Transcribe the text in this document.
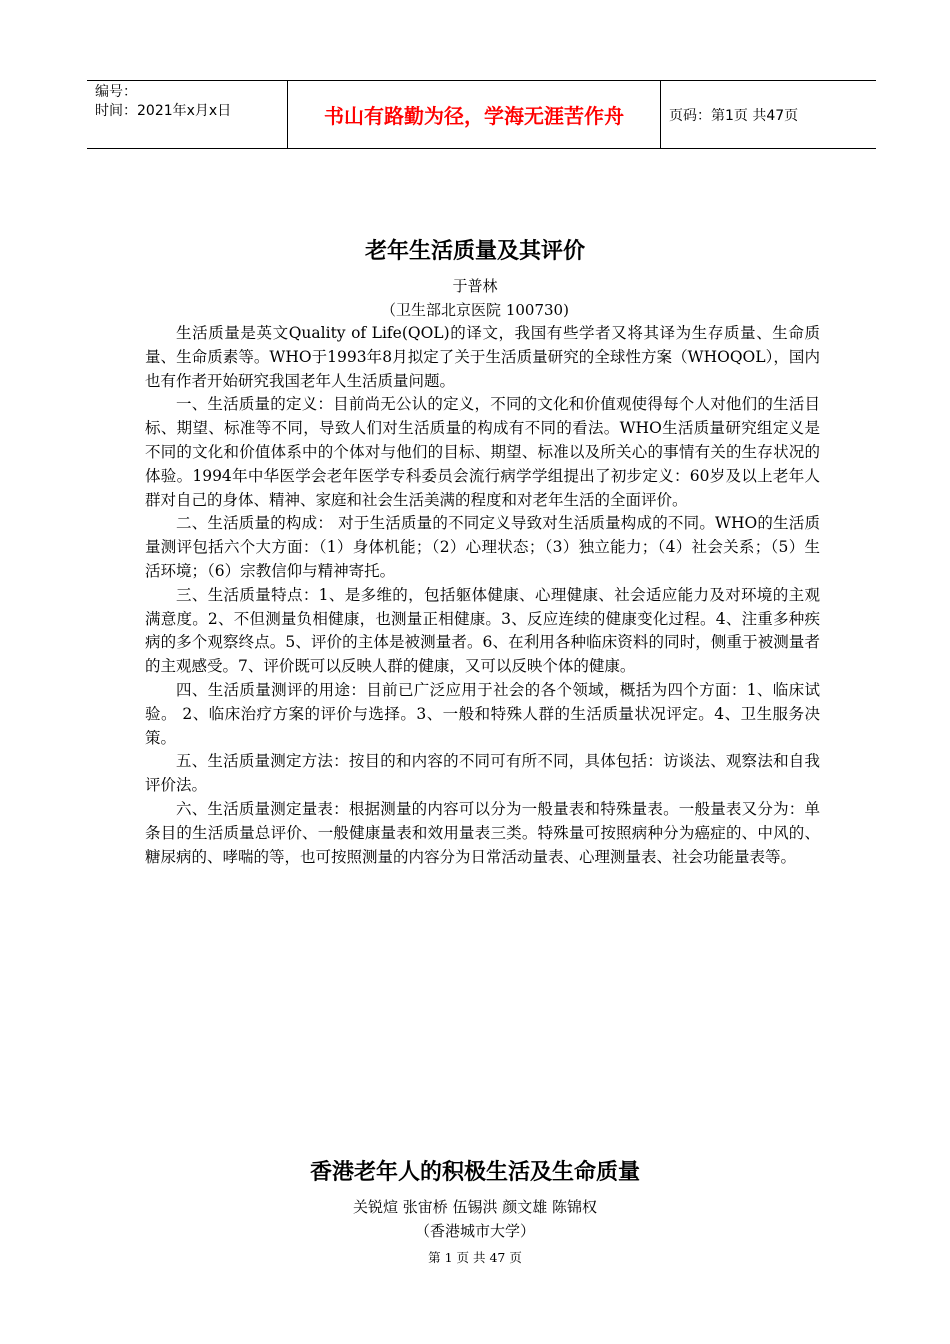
编号：
时间：2021年x月x日	书山有路勤为径，学海无涯苦作舟	页码：第1页 共47页
老年生活质量及其评价
于普林
（卫生部北京医院 100730)

生活质量是英文Quality of Life(QOL)的译文，我国有些学者又将其译为生存质量、生命质量、生命质素等。WHO于1993年8月拟定了关于生活质量研究的全球性方案（WHOQOL），国内也有作者开始研究我国老年人生活质量问题。

一、生活质量的定义：目前尚无公认的定义，不同的文化和价值观使得每个人对他们的生活目标、期望、标准等不同，导致人们对生活质量的构成有不同的看法。WHO生活质量研究组定义是不同的文化和价值体系中的个体对与他们的目标、期望、标准以及所关心的事情有关的生存状况的体验。1994年中华医学会老年医学专科委员会流行病学学组提出了初步定义：60岁及以上老年人群对自己的身体、精神、家庭和社会生活美满的程度和对老年生活的全面评价。

二、生活质量的构成： 对于生活质量的不同定义导致对生活质量构成的不同。WHO的生活质量测评包括六个大方面：（1）身体机能；（2）心理状态；（3）独立能力；（4）社会关系；（5）生活环境；（6）宗教信仰与精神寄托。

三、生活质量特点：1、是多维的，包括躯体健康、心理健康、社会适应能力及对环境的主观满意度。2、不但测量负相健康，也测量正相健康。3、反应连续的健康变化过程。4、注重多种疾病的多个观察终点。5、评价的主体是被测量者。6、在利用各种临床资料的同时，侧重于被测量者的主观感受。7、评价既可以反映人群的健康，又可以反映个体的健康。

四、生活质量测评的用途：目前已广泛应用于社会的各个领域，概括为四个方面：1、临床试验。 2、临床治疗方案的评价与选择。3、一般和特殊人群的生活质量状况评定。4、卫生服务决策。

五、生活质量测定方法：按目的和内容的不同可有所不同，具体包括：访谈法、观察法和自我评价法。

六、生活质量测定量表：根据测量的内容可以分为一般量表和特殊量表。一般量表又分为：单条目的生活质量总评价、一般健康量表和效用量表三类。特殊量可按照病种分为癌症的、中风的、糖尿病的、哮喘的等，也可按照测量的内容分为日常活动量表、心理测量表、社会功能量表等。

香港老年人的积极生活及生命质量
关锐煊 张宙桥 伍锡洪 颜文雄 陈锦权
（香港城市大学）
第 1 页 共 47 页
